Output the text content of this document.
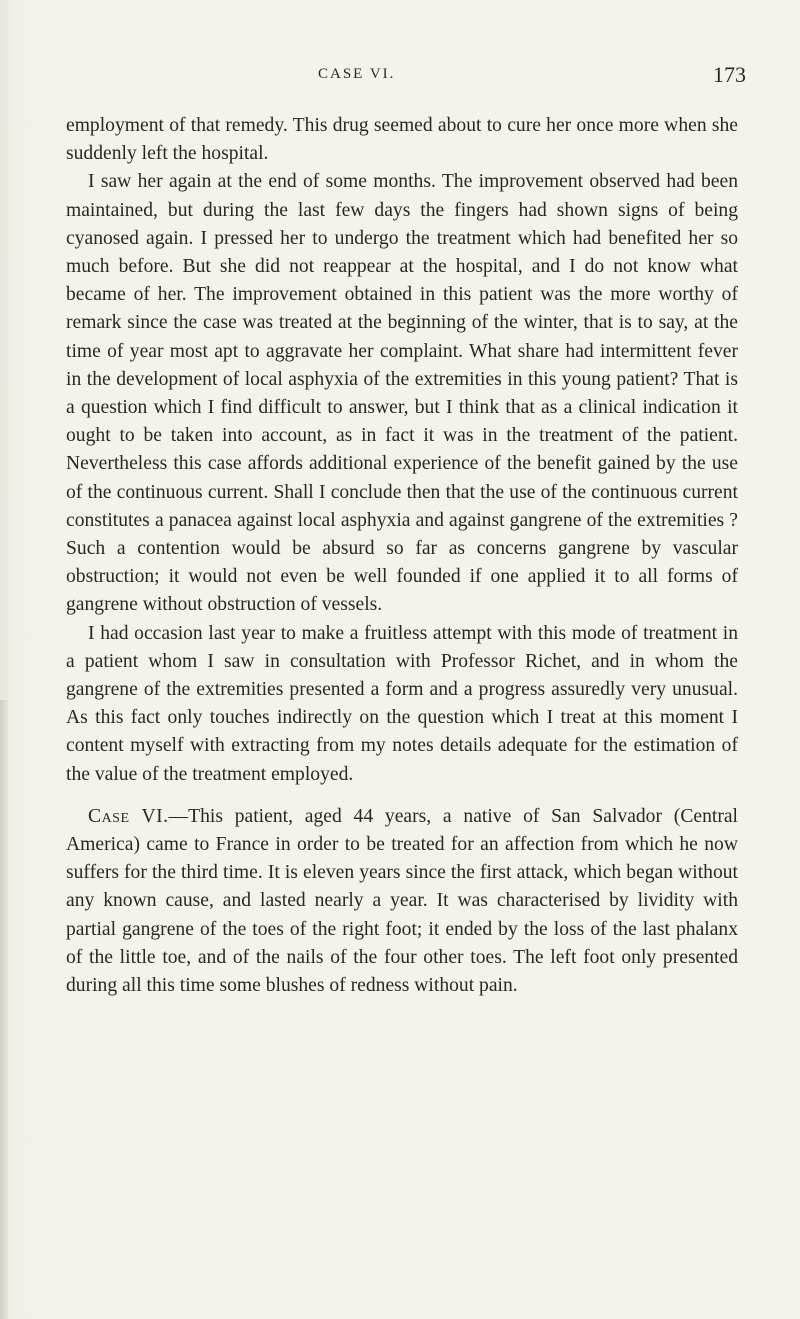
CASE VI.	173

employment of that remedy. This drug seemed about to cure her once more when she suddenly left the hospital.

I saw her again at the end of some months. The improvement observed had been maintained, but during the last few days the fingers had shown signs of being cyanosed again. I pressed her to undergo the treatment which had benefited her so much before. But she did not reappear at the hospital, and I do not know what became of her. The improvement obtained in this patient was the more worthy of remark since the case was treated at the beginning of the winter, that is to say, at the time of year most apt to aggravate her complaint. What share had intermittent fever in the development of local asphyxia of the extremities in this young patient? That is a question which I find difficult to answer, but I think that as a clinical indication it ought to be taken into account, as in fact it was in the treatment of the patient. Nevertheless this case affords additional experience of the benefit gained by the use of the continuous current. Shall I conclude then that the use of the continuous current constitutes a panacea against local asphyxia and against gangrene of the extremities ? Such a contention would be absurd so far as concerns gangrene by vascular obstruction; it would not even be well founded if one applied it to all forms of gangrene without obstruction of vessels.

I had occasion last year to make a fruitless attempt with this mode of treatment in a patient whom I saw in consultation with Professor Richet, and in whom the gangrene of the extremities presented a form and a progress assuredly very unusual. As this fact only touches indirectly on the question which I treat at this moment I content myself with extracting from my notes details adequate for the estimation of the value of the treatment employed.

Case VI.—This patient, aged 44 years, a native of San Salvador (Central America) came to France in order to be treated for an affection from which he now suffers for the third time. It is eleven years since the first attack, which began without any known cause, and lasted nearly a year. It was characterised by lividity with partial gangrene of the toes of the right foot; it ended by the loss of the last phalanx of the little toe, and of the nails of the four other toes. The left foot only presented during all this time some blushes of redness without pain.
